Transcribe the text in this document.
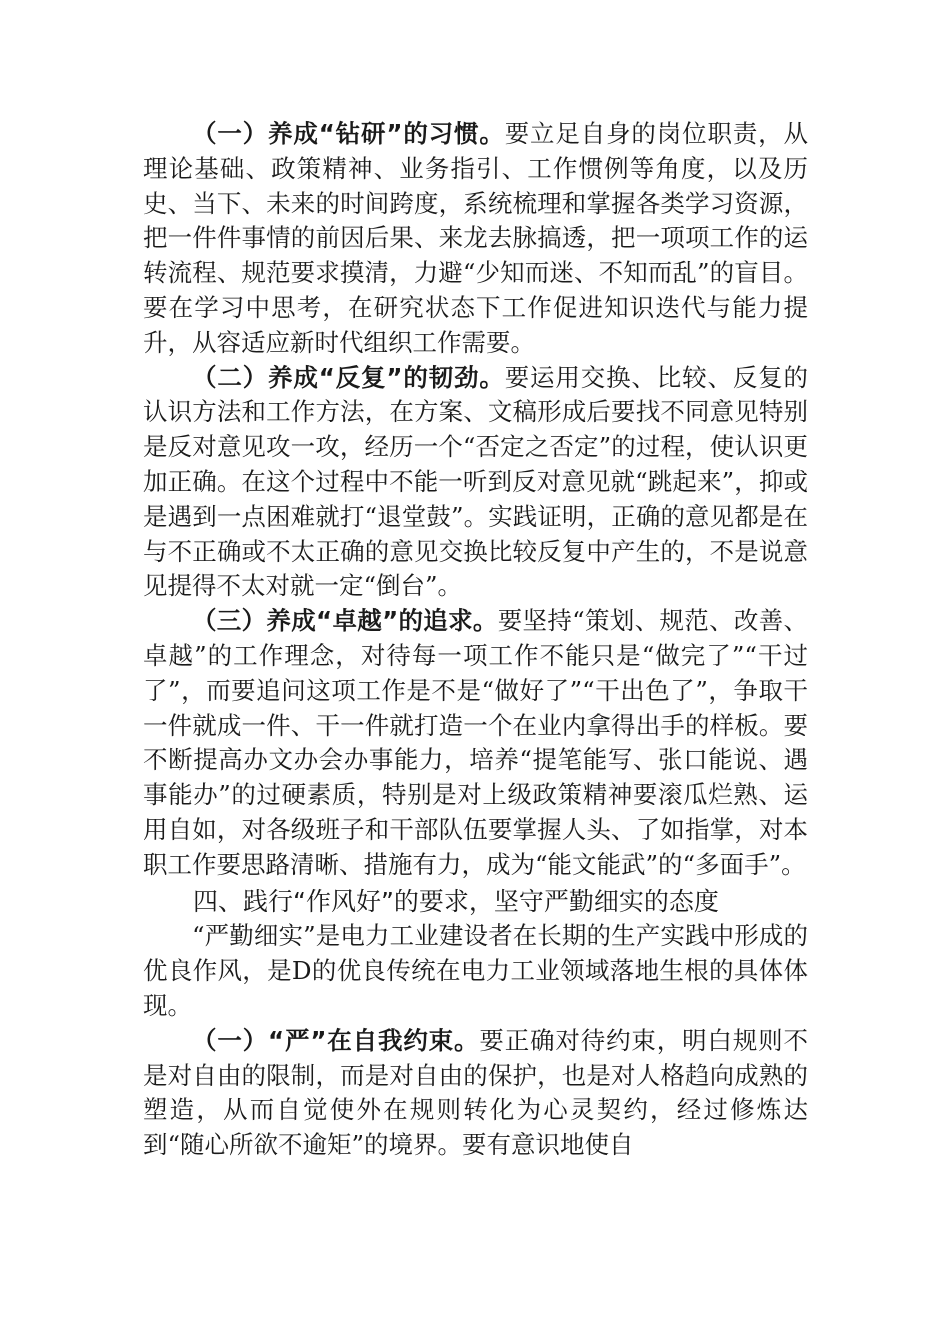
（一）养成“钻研”的习惯。要立足自身的岗位职责，从理论基础、政策精神、业务指引、工作惯例等角度，以及历史、当下、未来的时间跨度，系统梳理和掌握各类学习资源，把一件件事情的前因后果、来龙去脉搞透，把一项项工作的运转流程、规范要求摸清，力避“少知而迷、不知而乱”的盲目。要在学习中思考，在研究状态下工作促进知识迭代与能力提升，从容适应新时代组织工作需要。

（二）养成“反复”的韧劲。要运用交换、比较、反复的认识方法和工作方法，在方案、文稿形成后要找不同意见特别是反对意见攻一攻，经历一个“否定之否定”的过程，使认识更加正确。在这个过程中不能一听到反对意见就“跳起来”，抑或是遇到一点困难就打“退堂鼓”。实践证明，正确的意见都是在与不正确或不太正确的意见交换比较反复中产生的，不是说意见提得不太对就一定“倒台”。

（三）养成“卓越”的追求。要坚持“策划、规范、改善、卓越”的工作理念，对待每一项工作不能只是“做完了”“干过了”，而要追问这项工作是不是“做好了”“干出色了”，争取干一件就成一件、干一件就打造一个在业内拿得出手的样板。要不断提高办文办会办事能力，培养“提笔能写、张口能说、遇事能办”的过硬素质，特别是对上级政策精神要滚瓜烂熟、运用自如，对各级班子和干部队伍要掌握人头、了如指掌，对本职工作要思路清晰、措施有力，成为“能文能武”的“多面手”。

四、践行“作风好”的要求，坚守严勤细实的态度

“严勤细实”是电力工业建设者在长期的生产实践中形成的优良作风，是D的优良传统在电力工业领域落地生根的具体体现。

（一）“严”在自我约束。要正确对待约束，明白规则不是对自由的限制，而是对自由的保护，也是对人格趋向成熟的塑造，从而自觉使外在规则转化为心灵契约，经过修炼达到“随心所欲不逾矩”的境界。要有意识地使自
